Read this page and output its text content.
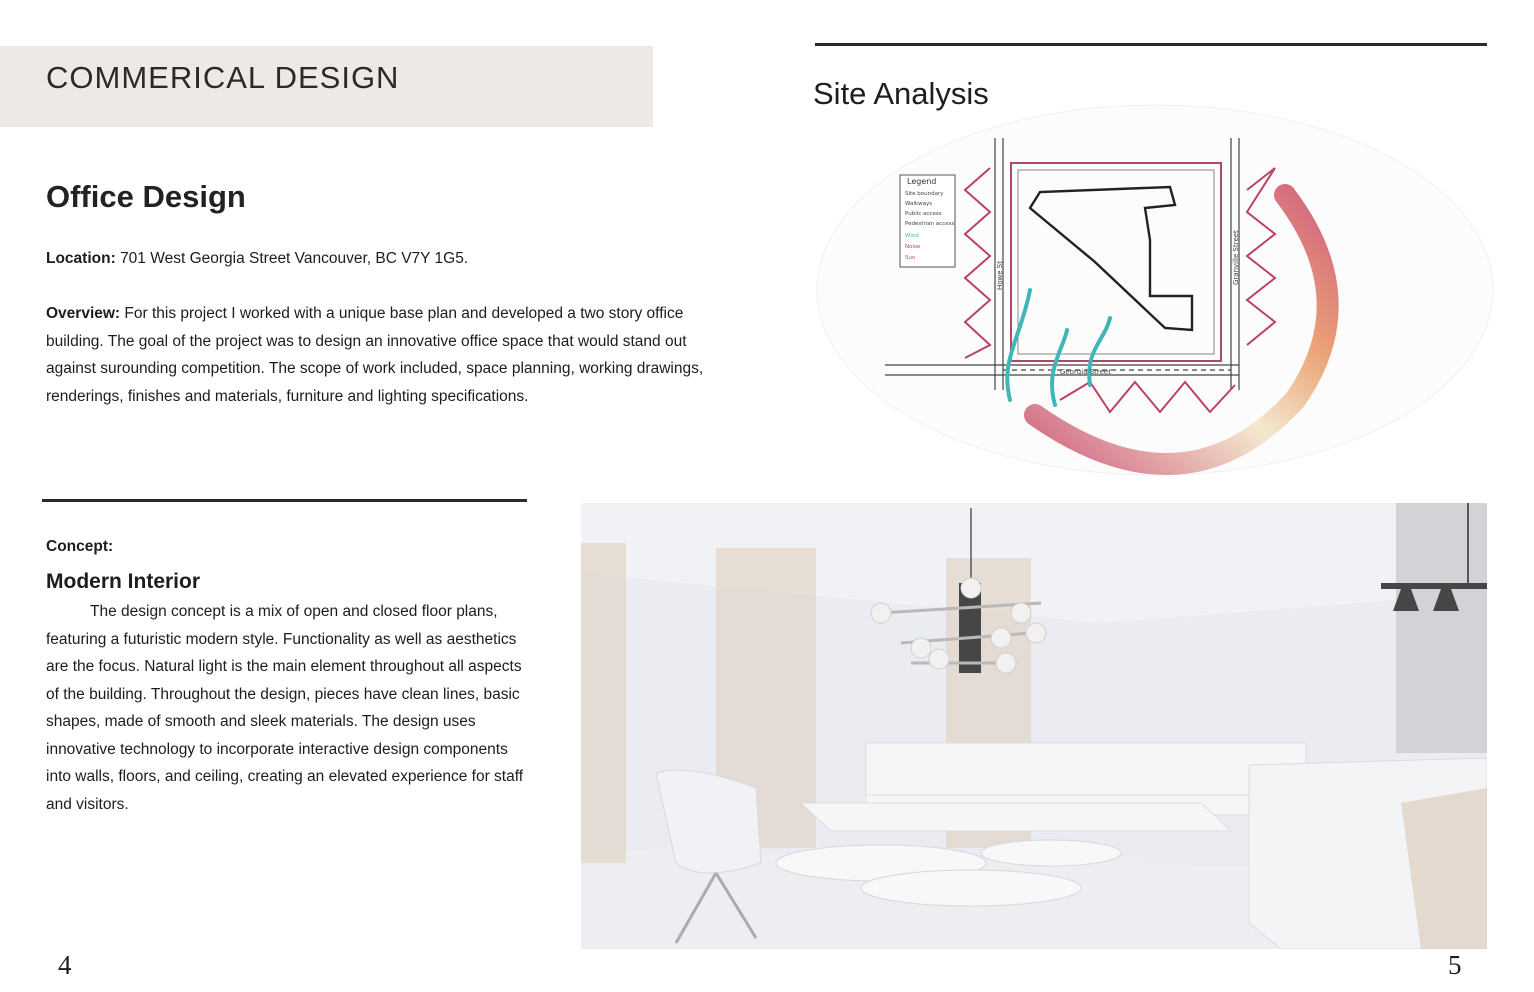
COMMERICAL DESIGN
Office Design
Location: 701 West Georgia Street Vancouver, BC V7Y 1G5.
Overview: For this project I worked with a unique base plan and developed a two story office building. The goal of the project was to design an innovative office space that would stand out against surounding competition. The scope of work included, space planning, working drawings, renderings, finishes and materials, furniture and lighting specifications.
Concept:
Modern Interior
The design concept is a mix of open and closed floor plans, featuring a futuristic modern style. Functionality as well as aesthetics are the focus. Natural light is the main element throughout all aspects of the building. Throughout the design, pieces have clean lines, basic shapes, made of smooth and sleek materials. The design uses innovative technology to incorporate interactive design components into walls, floors, and ceiling, creating an elevated experience for staff and visitors.
Site Analysis
Legend
Site boundary
Walkways
Public access
Pedestrian access
Wind
Noise
Sun
Howe St
Georgia Street
Granville Street
4	5
